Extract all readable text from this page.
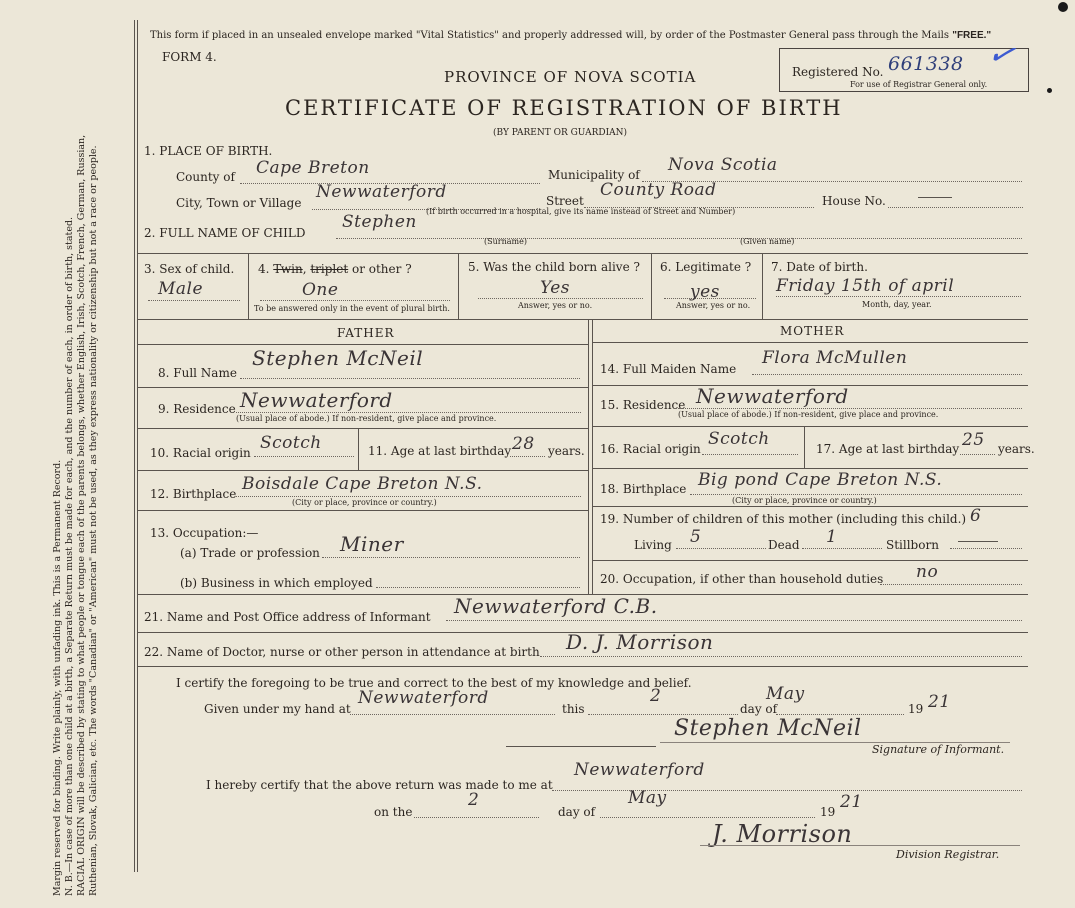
Margin reserved for binding. Write plainly, with unfading ink. This is a Permanent Record. N. B.—In case of more than one child at a birth, a Separate Return must be made for each, and the number of each, in order of birth, stated. RACIAL ORIGIN will be described by stating to what people or tongue each of the parents belongs, whether English, Irish, Scotch, French, German, Russian, Ruthenian, Slovak, Galician, etc. The words "Canadian" or "American" must not be used, as they express nationality or citizenship but not a race or people.
This form if placed in an unsealed envelope marked "Vital Statistics" and properly addressed will, by order of the Postmaster General pass through the Mails "FREE."
FORM 4.
PROVINCE OF NOVA SCOTIA
CERTIFICATE OF REGISTRATION OF BIRTH
(BY PARENT OR GUARDIAN)
Registered No. 661338
For use of Registrar General only.
✓
1. PLACE OF BIRTH.
County of Cape Breton	Municipality of Nova Scotia
City, Town or Village
Newwaterford	Street
County Road
House No.
(If birth occurred in a hospital, give its name instead of Street and Number)
2. FULL NAME OF CHILD
Stephen
(Surname)	(Given name)
3. Sex of child.
Male
4. Twin, triplet or other ?
One
To be answered only in the event of plural birth.
5. Was the child born alive ?
Yes
Answer, yes or no.
6. Legitimate ?
yes
Answer, yes or no.
7. Date of birth.
Friday 15th of april
Month, day, year.
FATHER	MOTHER
8. Full Name
Stephen McNeil
9. Residence Newwaterford
(Usual place of abode.) If non-resident, give place and province.
10. Racial origin Scotch	11. Age at last birthday 28 years.
12. Birthplace Boisdale Cape Breton N.S.
(City or place, province or country.)
13. Occupation:—
(a) Trade or profession Miner
(b) Business in which employed
14. Full Maiden Name
Flora McMullen
15. Residence Newwaterford
(Usual place of abode.) If non-resident, give place and province.
16. Racial origin Scotch	17. Age at last birthday 25 years.
18. Birthplace Big pond Cape Breton N.S.
(City or place, province or country.)
19. Number of children of this mother (including this child.) 6
Living 5	Dead 1	Stillborn
20. Occupation, if other than household duties no
21. Name and Post Office address of Informant Newwaterford C.B.
22. Name of Doctor, nurse or other person in attendance at birth D. J. Morrison
I certify the foregoing to be true and correct to the best of my knowledge and belief.
Given under my hand at
Newwaterford
this
2
day of
May
19 21
Stephen McNeil
Signature of Informant.
I hereby certify that the above return was made to me at
Newwaterford
on the
2
day of
May
19 21
J. Morrison
Division Registrar.
